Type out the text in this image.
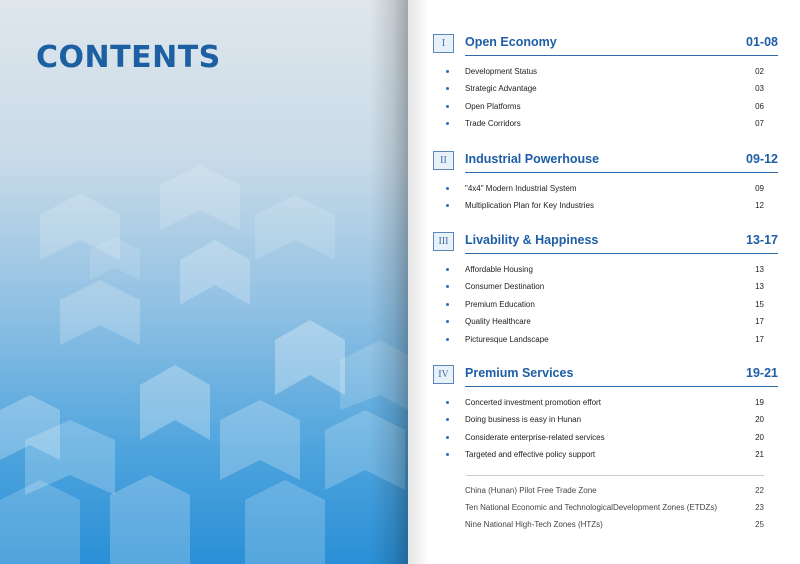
CONTENTS	I	Open Economy	01-08
Development Status	02
Strategic Advantage	03
Open Platforms	06
Trade Corridors	07
II	Industrial Powerhouse	09-12
"4x4" Modern Industrial System	09
Multiplication Plan for Key Industries	12
III	Livability & Happiness	13-17
Affordable Housing	13
Consumer Destination	13
Premium Education	15
Quality Healthcare	17
Picturesque Landscape	17
IV	Premium Services	19-21
Concerted investment promotion effort	19
Doing business is easy in Hunan	20
Considerate enterprise-related services	20
Targeted and effective policy support	21
China (Hunan) Pilot Free Trade Zone	22
Ten National Economic and TechnologicalDevelopment Zones (ETDZs)	23
Nine National High-Tech Zones (HTZs)	25
